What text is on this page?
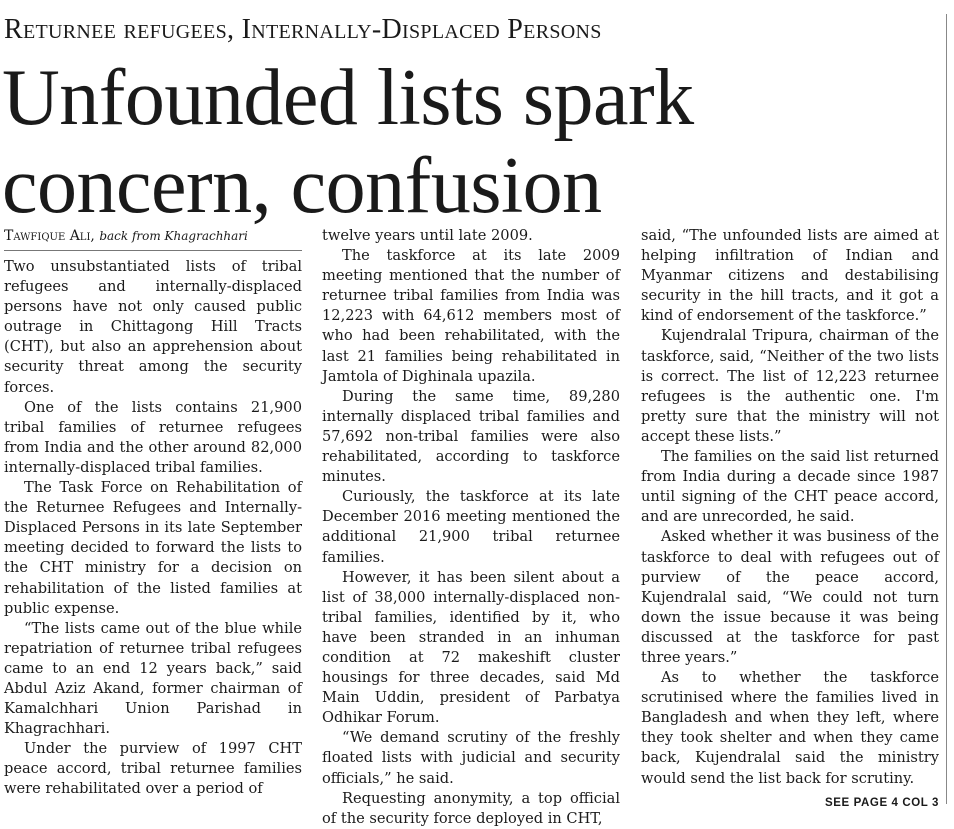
Returnee refugees, Internally-Displaced Persons
Unfounded lists spark
concern, confusion
Tawfique Ali, back from Khagrachhari

Two unsubstantiated lists of tribal refugees and internally-displaced persons have not only caused public outrage in Chittagong Hill Tracts (CHT), but also an apprehension about security threat among the security forces.

One of the lists contains 21,900 tribal families of returnee refugees from India and the other around 82,000 internally-displaced tribal families.

The Task Force on Rehabilitation of the Returnee Refugees and Internally-Displaced Persons in its late September meeting decided to forward the lists to the CHT ministry for a decision on rehabilitation of the listed families at public expense.

“The lists came out of the blue while repatriation of returnee tribal refugees came to an end 12 years back,” said Abdul Aziz Akand, former chairman of Kamalchhari Union Parishad in Khagrachhari.

Under the purview of 1997 CHT peace accord, tribal returnee families were rehabilitated over a period of

twelve years until late 2009.

The taskforce at its late 2009 meeting mentioned that the number of returnee tribal families from India was 12,223 with 64,612 members most of who had been rehabilitated, with the last 21 families being rehabilitated in Jamtola of Dighinala upazila.

During the same time, 89,280 internally displaced tribal families and 57,692 non-tribal families were also rehabilitated, according to taskforce minutes.

Curiously, the taskforce at its late December 2016 meeting mentioned the additional 21,900 tribal returnee families.

However, it has been silent about a list of 38,000 internally-displaced non-tribal families, identified by it, who have been stranded in an inhuman condition at 72 makeshift cluster housings for three decades, said Md Main Uddin, president of Parbatya Odhikar Forum.

“We demand scrutiny of the freshly floated lists with judicial and security officials,” he said.

Requesting anonymity, a top official of the security force deployed in CHT,

said, “The unfounded lists are aimed at helping infiltration of Indian and Myanmar citizens and destabilising security in the hill tracts, and it got a kind of endorsement of the taskforce.”

Kujendralal Tripura, chairman of the taskforce, said, “Neither of the two lists is correct. The list of 12,223 returnee refugees is the authentic one. I'm pretty sure that the ministry will not accept these lists.”

The families on the said list returned from India during a decade since 1987 until signing of the CHT peace accord, and are unrecorded, he said.

Asked whether it was business of the taskforce to deal with refugees out of purview of the peace accord, Kujendralal said, “We could not turn down the issue because it was being discussed at the taskforce for past three years.”

As to whether the taskforce scrutinised where the families lived in Bangladesh and when they left, where they took shelter and when they came back, Kujendralal said the ministry would send the list back for scrutiny.

SEE PAGE 4 COL 3
